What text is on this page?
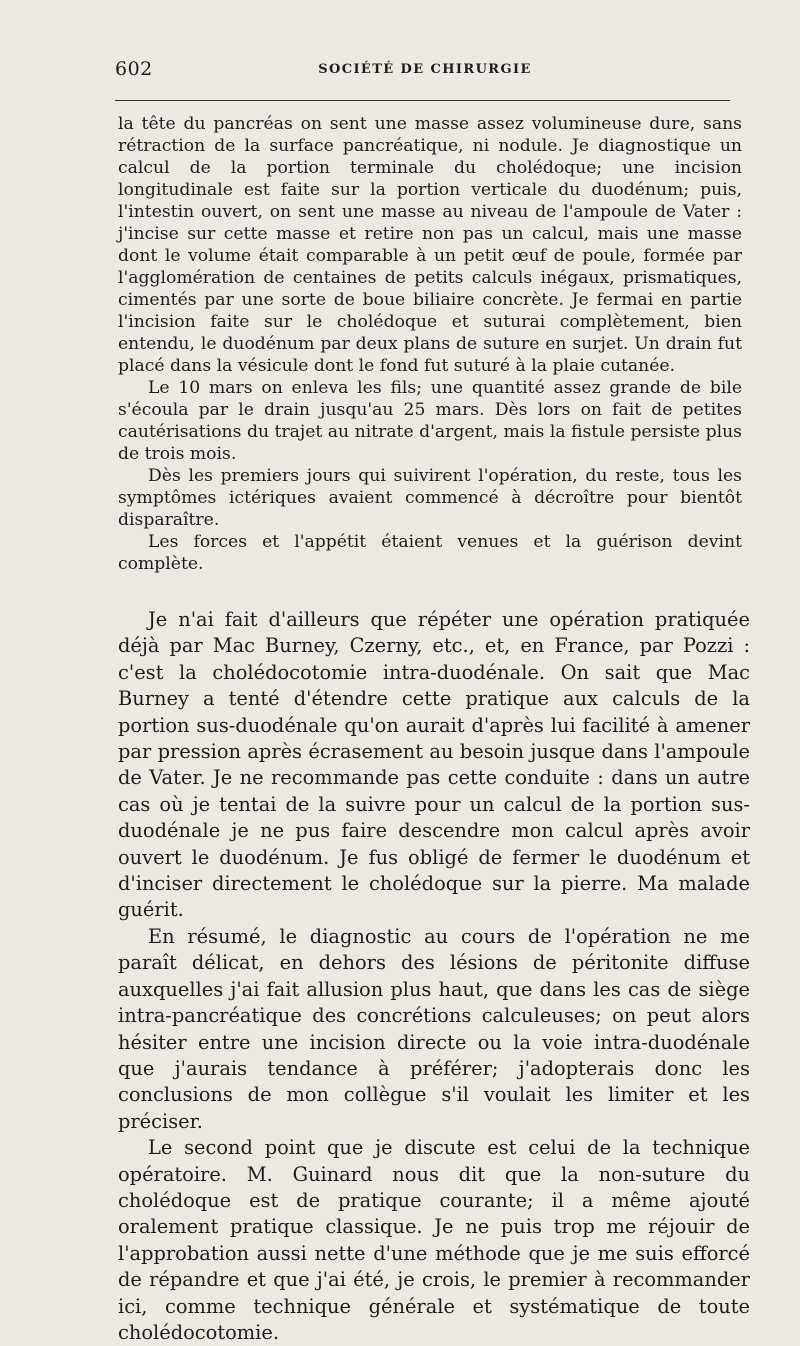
602	SOCIÉTÉ DE CHIRURGIE

la tête du pancréas on sent une masse assez volumineuse dure, sans rétraction de la surface pancréatique, ni nodule. Je diagnostique un calcul de la portion terminale du cholédoque; une incision longitudinale est faite sur la portion verticale du duodénum; puis, l'intestin ouvert, on sent une masse au niveau de l'ampoule de Vater : j'incise sur cette masse et retire non pas un calcul, mais une masse dont le volume était comparable à un petit œuf de poule, formée par l'agglomération de centaines de petits calculs inégaux, prismatiques, cimentés par une sorte de boue biliaire concrète. Je fermai en partie l'incision faite sur le cholédoque et suturai complètement, bien entendu, le duodénum par deux plans de suture en surjet. Un drain fut placé dans la vésicule dont le fond fut suturé à la plaie cutanée.

Le 10 mars on enleva les fils; une quantité assez grande de bile s'écoula par le drain jusqu'au 25 mars. Dès lors on fait de petites cautérisations du trajet au nitrate d'argent, mais la fistule persiste plus de trois mois.

Dès les premiers jours qui suivirent l'opération, du reste, tous les symptômes ictériques avaient commencé à décroître pour bientôt disparaître.

Les forces et l'appétit étaient venues et la guérison devint complète.

Je n'ai fait d'ailleurs que répéter une opération pratiquée déjà par Mac Burney, Czerny, etc., et, en France, par Pozzi : c'est la cholédocotomie intra-duodénale. On sait que Mac Burney a tenté d'étendre cette pratique aux calculs de la portion sus-duodénale qu'on aurait d'après lui facilité à amener par pression après écrasement au besoin jusque dans l'ampoule de Vater. Je ne recommande pas cette conduite : dans un autre cas où je tentai de la suivre pour un calcul de la portion sus-duodénale je ne pus faire descendre mon calcul après avoir ouvert le duodénum. Je fus obligé de fermer le duodénum et d'inciser directement le cholédoque sur la pierre. Ma malade guérit.

En résumé, le diagnostic au cours de l'opération ne me paraît délicat, en dehors des lésions de péritonite diffuse auxquelles j'ai fait allusion plus haut, que dans les cas de siège intra-pancréatique des concrétions calculeuses; on peut alors hésiter entre une incision directe ou la voie intra-duodénale que j'aurais tendance à préférer; j'adopterais donc les conclusions de mon collègue s'il voulait les limiter et les préciser.

Le second point que je discute est celui de la technique opératoire. M. Guinard nous dit que la non-suture du cholédoque est de pratique courante; il a même ajouté oralement pratique classique. Je ne puis trop me réjouir de l'approbation aussi nette d'une méthode que je me suis efforcé de répandre et que j'ai été, je crois, le premier à recommander ici, comme technique générale et systématique de toute cholédocotomie.
